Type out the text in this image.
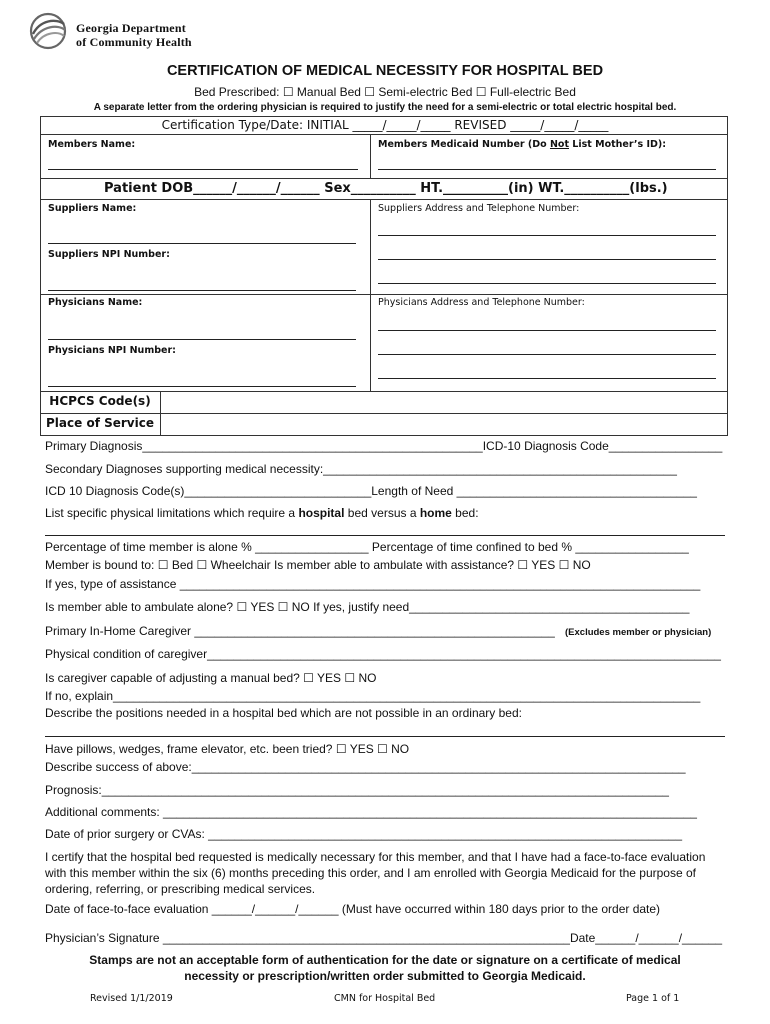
Georgia Department
of Community Health
CERTIFICATION OF MEDICAL NECESSITY FOR HOSPITAL BED
Bed Prescribed: ☐ Manual Bed ☐ Semi-electric Bed ☐ Full-electric Bed
A separate letter from the ordering physician is required to justify the need for a semi-electric or total electric hospital bed.
Certification Type/Date: INITIAL _____/_____/_____ REVISED _____/_____/_____
Members Name:	Members Medicaid Number (Do Not List Mother’s ID):
Patient DOB______/______/______ Sex__________ HT.__________(in) WT.__________(lbs.)
Suppliers Name:	Suppliers Address and Telephone Number:
Suppliers NPI Number:
Physicians Name:	Physicians Address and Telephone Number:
Physicians NPI Number:
HCPCS Code(s)
Place of Service
Primary Diagnosis___________________________________________________ICD-10 Diagnosis Code_________________
Secondary Diagnoses supporting medical necessity:_____________________________________________________
ICD 10 Diagnosis Code(s)____________________________Length of Need ____________________________________
List specific physical limitations which require a hospital bed versus a home bed:
Percentage of time member is alone % _________________ Percentage of time confined to bed % _________________
Member is bound to: ☐ Bed ☐ Wheelchair Is member able to ambulate with assistance? ☐ YES ☐ NO
If yes, type of assistance ______________________________________________________________________________
Is member able to ambulate alone? ☐ YES ☐ NO If yes, justify need__________________________________________
Primary In-Home Caregiver ______________________________________________________ (Excludes member or physician)
Physical condition of caregiver_____________________________________________________________________________
Is caregiver capable of adjusting a manual bed? ☐ YES ☐ NO
If no, explain________________________________________________________________________________________
Describe the positions needed in a hospital bed which are not possible in an ordinary bed:
Have pillows, wedges, frame elevator, etc. been tried? ☐ YES ☐ NO
Describe success of above:__________________________________________________________________________
Prognosis:_____________________________________________________________________________________
Additional comments: ________________________________________________________________________________
Date of prior surgery or CVAs: _______________________________________________________________________
I certify that the hospital bed requested is medically necessary for this member, and that I have had a face-to-face evaluation with this member within the six (6) months preceding this order, and I am enrolled with Georgia Medicaid for the purpose of ordering, referring, or prescribing medical services.
Date of face-to-face evaluation ______/______/______ (Must have occurred within 180 days prior to the order date)
Physician’s Signature _____________________________________________________________Date______/______/______
Stamps are not an acceptable form of authentication for the date or signature on a certificate of medical
necessity or prescription/written order submitted to Georgia Medicaid.
Revised 1/1/2019	CMN for Hospital Bed	Page 1 of 1
